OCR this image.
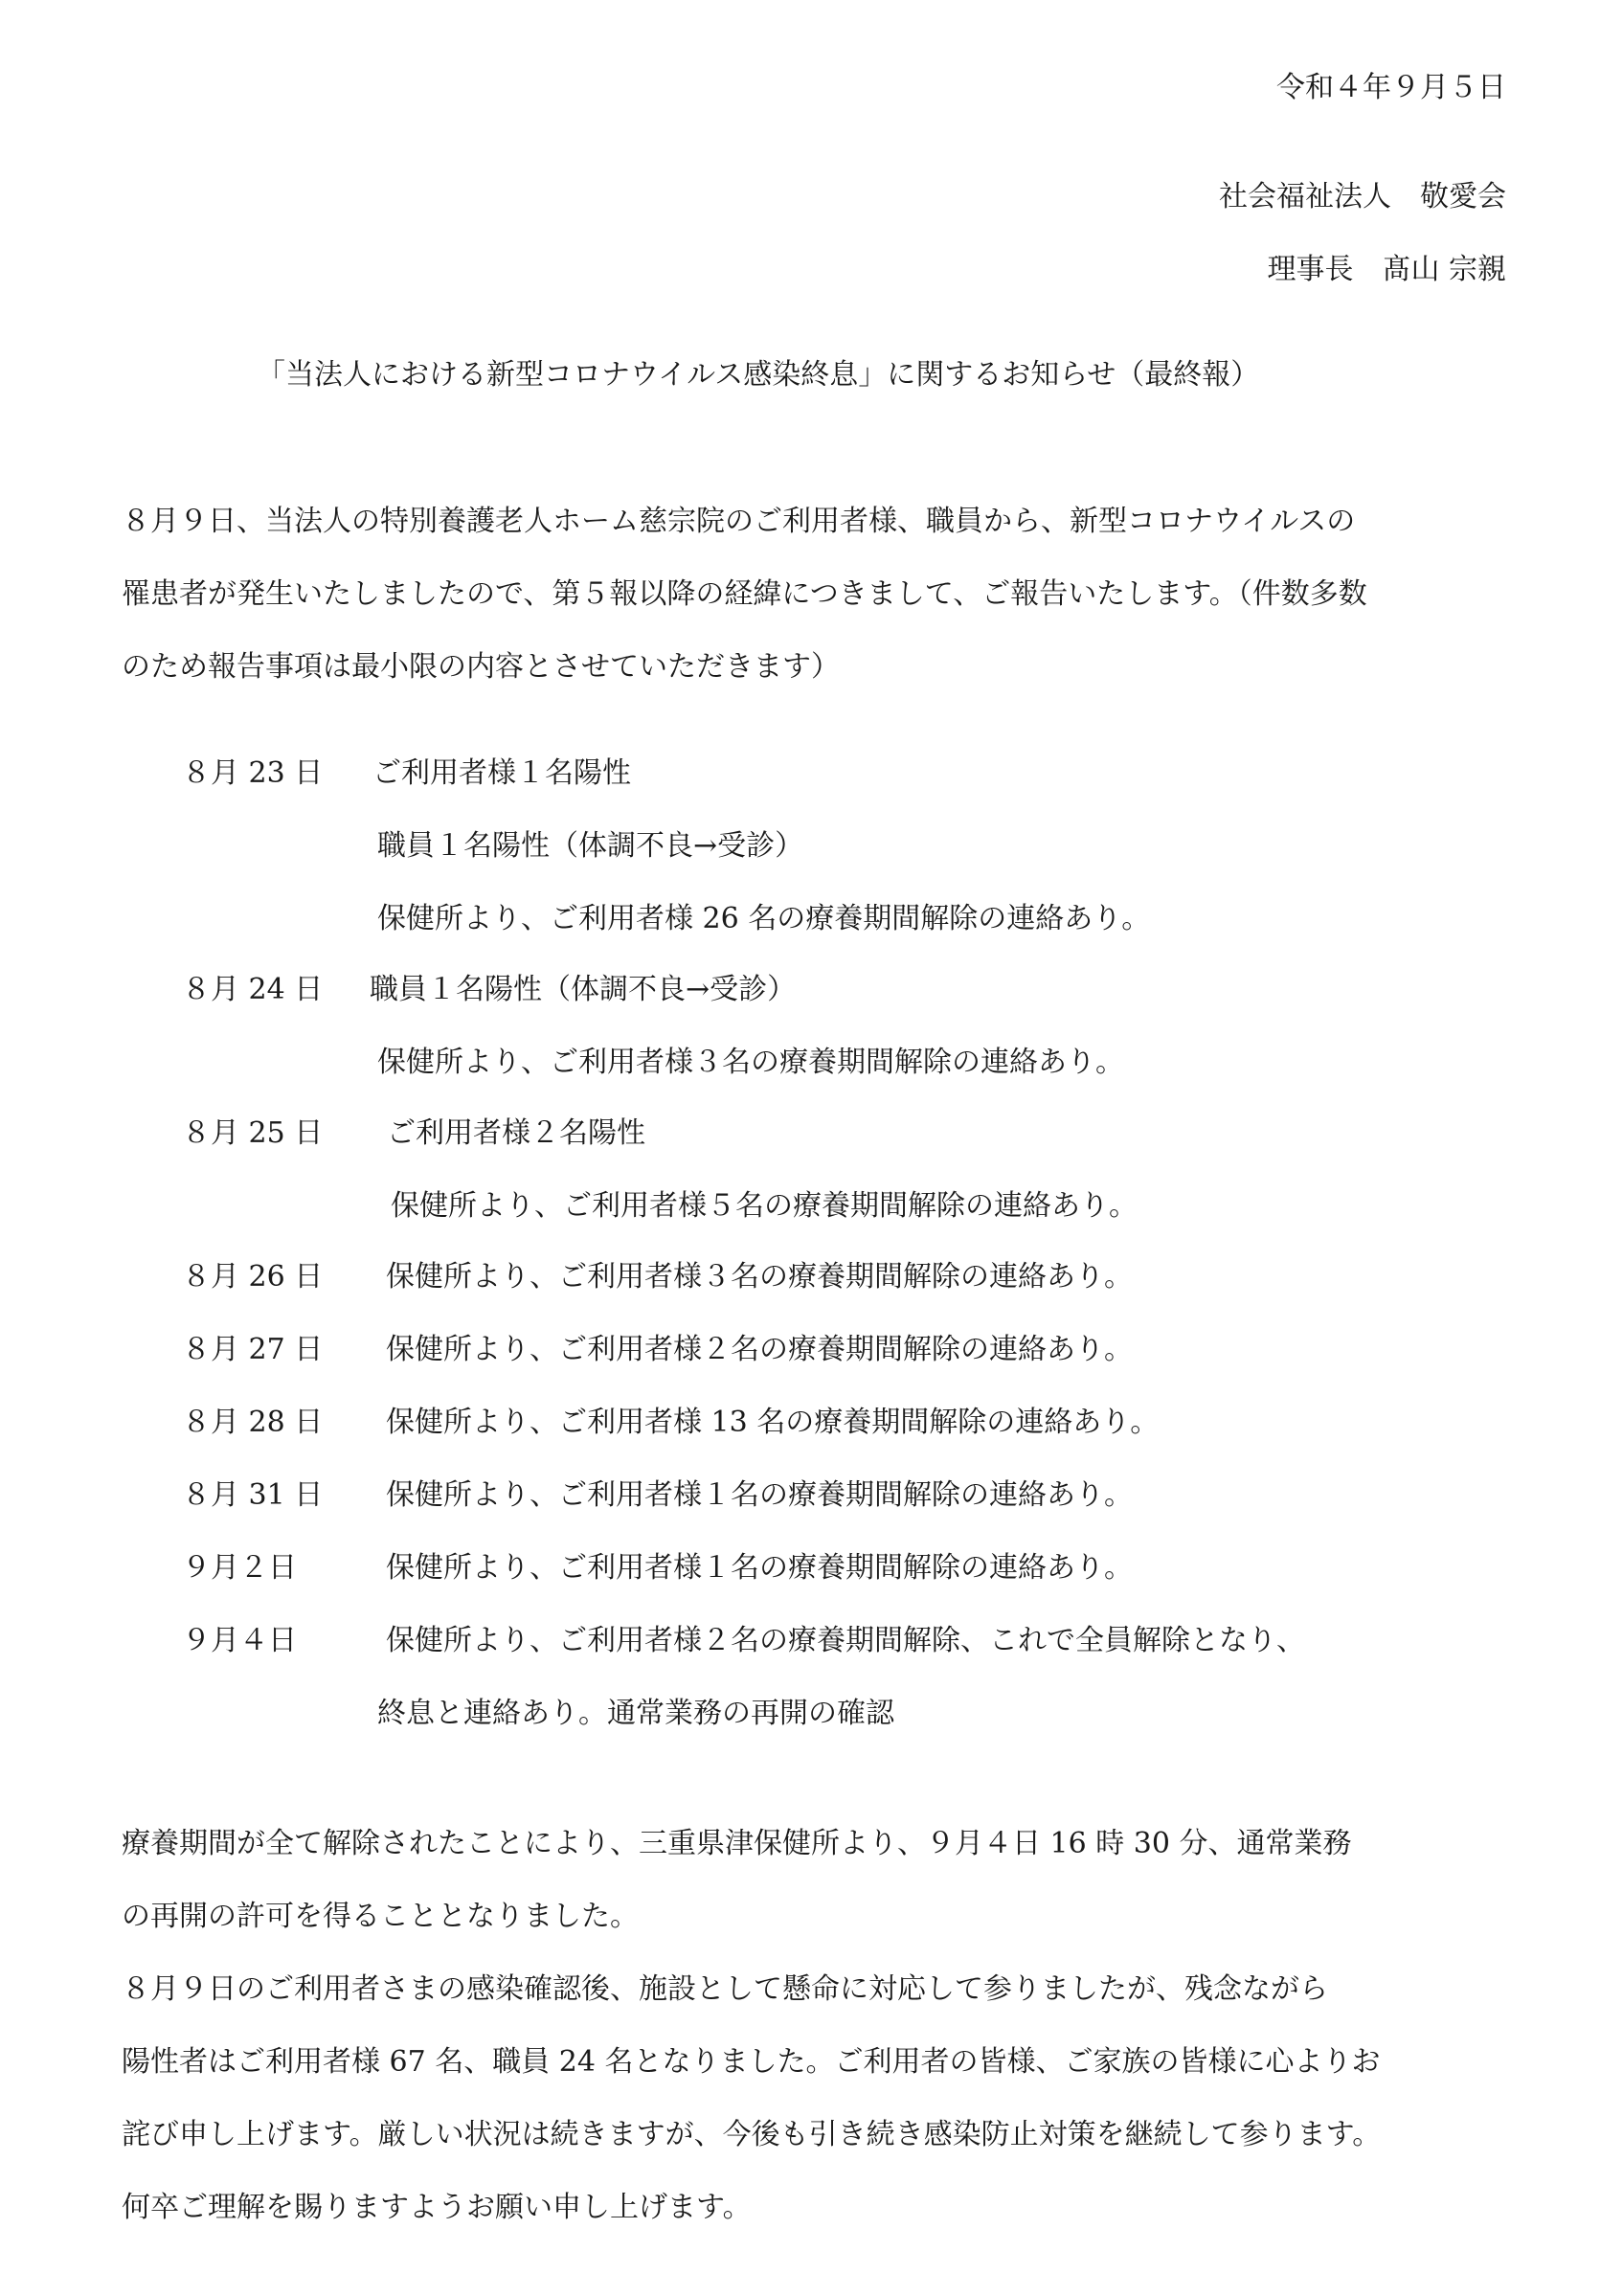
令和４年９月５日
社会福祉法人　敬愛会
理事長　髙山 宗親
「当法人における新型コロナウイルス感染終息」に関するお知らせ（最終報）
８月９日、当法人の特別養護老人ホーム慈宗院のご利用者様、職員から、新型コロナウイルスの
罹患者が発生いたしましたので、第５報以降の経緯につきまして、ご報告いたします。（件数多数
のため報告事項は最小限の内容とさせていただきます）
８月 23 日 ご利用者様１名陽性
職員１名陽性（体調不良→受診）
保健所より、ご利用者様 26 名の療養期間解除の連絡あり。
８月 24 日 職員１名陽性（体調不良→受診）
保健所より、ご利用者様３名の療養期間解除の連絡あり。
８月 25 日 ご利用者様２名陽性
保健所より、ご利用者様５名の療養期間解除の連絡あり。
８月 26 日 保健所より、ご利用者様３名の療養期間解除の連絡あり。
８月 27 日 保健所より、ご利用者様２名の療養期間解除の連絡あり。
８月 28 日 保健所より、ご利用者様 13 名の療養期間解除の連絡あり。
８月 31 日 保健所より、ご利用者様１名の療養期間解除の連絡あり。
９月２日	保健所より、ご利用者様１名の療養期間解除の連絡あり。
９月４日	保健所より、ご利用者様２名の療養期間解除、これで全員解除となり、
終息と連絡あり。通常業務の再開の確認
療養期間が全て解除されたことにより、三重県津保健所より、９月４日 16 時 30 分、通常業務
の再開の許可を得ることとなりました。
８月９日のご利用者さまの感染確認後、施設として懸命に対応して参りましたが、残念ながら
陽性者はご利用者様 67 名、職員 24 名となりました。ご利用者の皆様、ご家族の皆様に心よりお
詫び申し上げます。厳しい状況は続きますが、今後も引き続き感染防止対策を継続して参ります。
何卒ご理解を賜りますようお願い申し上げます。
